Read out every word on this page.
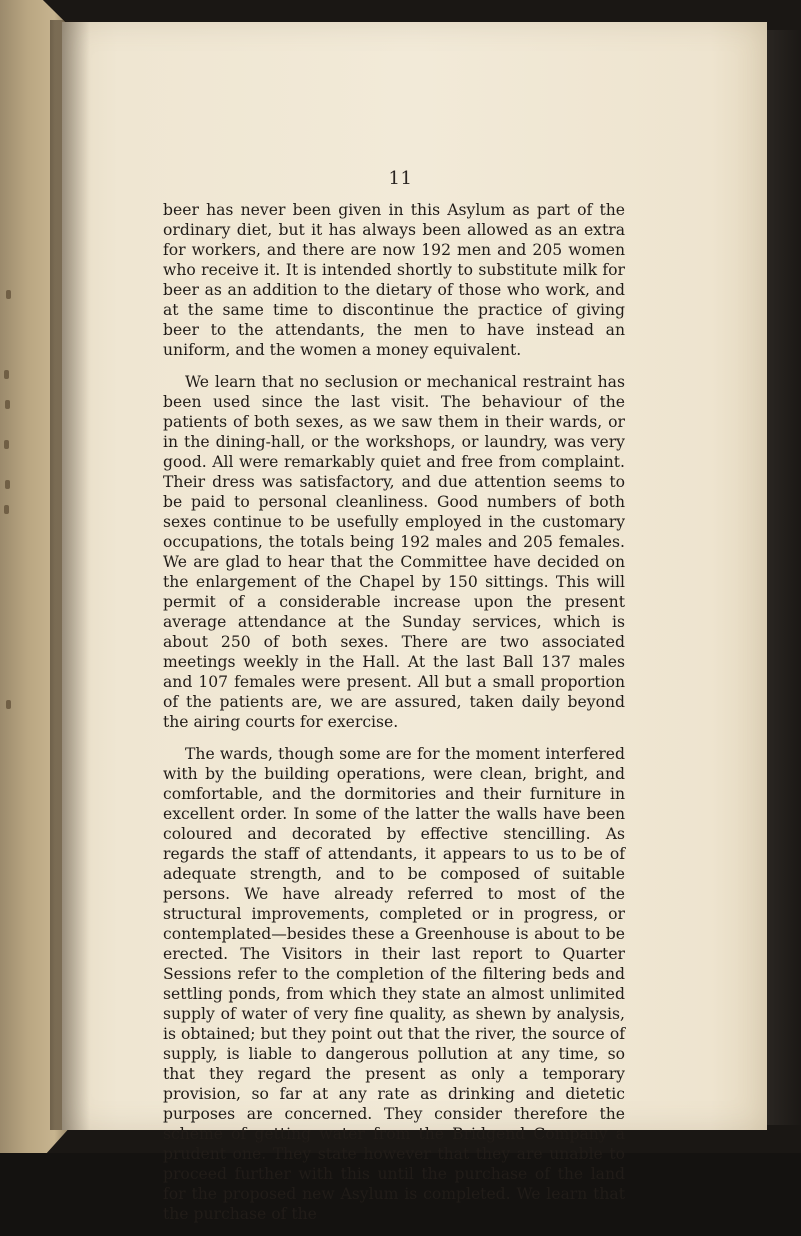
11

beer has never been given in this Asylum as part of the ordinary diet, but it has always been allowed as an extra for workers, and there are now 192 men and 205 women who receive it. It is intended shortly to substitute milk for beer as an addition to the dietary of those who work, and at the same time to discontinue the practice of giving beer to the attendants, the men to have instead an uniform, and the women a money equivalent.

We learn that no seclusion or mechanical restraint has been used since the last visit. The behaviour of the patients of both sexes, as we saw them in their wards, or in the dining-hall, or the workshops, or laundry, was very good. All were remarkably quiet and free from complaint. Their dress was satisfactory, and due attention seems to be paid to personal cleanliness. Good numbers of both sexes continue to be usefully employed in the customary occupations, the totals being 192 males and 205 females. We are glad to hear that the Committee have decided on the enlargement of the Chapel by 150 sittings. This will permit of a considerable increase upon the present average attendance at the Sunday services, which is about 250 of both sexes. There are two associated meetings weekly in the Hall. At the last Ball 137 males and 107 females were present. All but a small proportion of the patients are, we are assured, taken daily beyond the airing courts for exercise.

The wards, though some are for the moment interfered with by the building operations, were clean, bright, and comfortable, and the dormitories and their furniture in excellent order. In some of the latter the walls have been coloured and decorated by effective stencilling. As regards the staff of attendants, it appears to us to be of adequate strength, and to be composed of suitable persons. We have already referred to most of the structural improvements, completed or in progress, or contemplated—besides these a Greenhouse is about to be erected. The Visitors in their last report to Quarter Sessions refer to the completion of the filtering beds and settling ponds, from which they state an almost unlimited supply of water of very fine quality, as shewn by analysis, is obtained; but they point out that the river, the source of supply, is liable to dangerous pollution at any time, so that they regard the present as only a temporary provision, so far at any rate as drinking and dietetic purposes are concerned. They consider therefore the scheme of getting water from the Bridgend Company a prudent one. They state however that they are unable to proceed further with this until the purchase of the land for the proposed new Asylum is completed. We learn that the purchase of the
